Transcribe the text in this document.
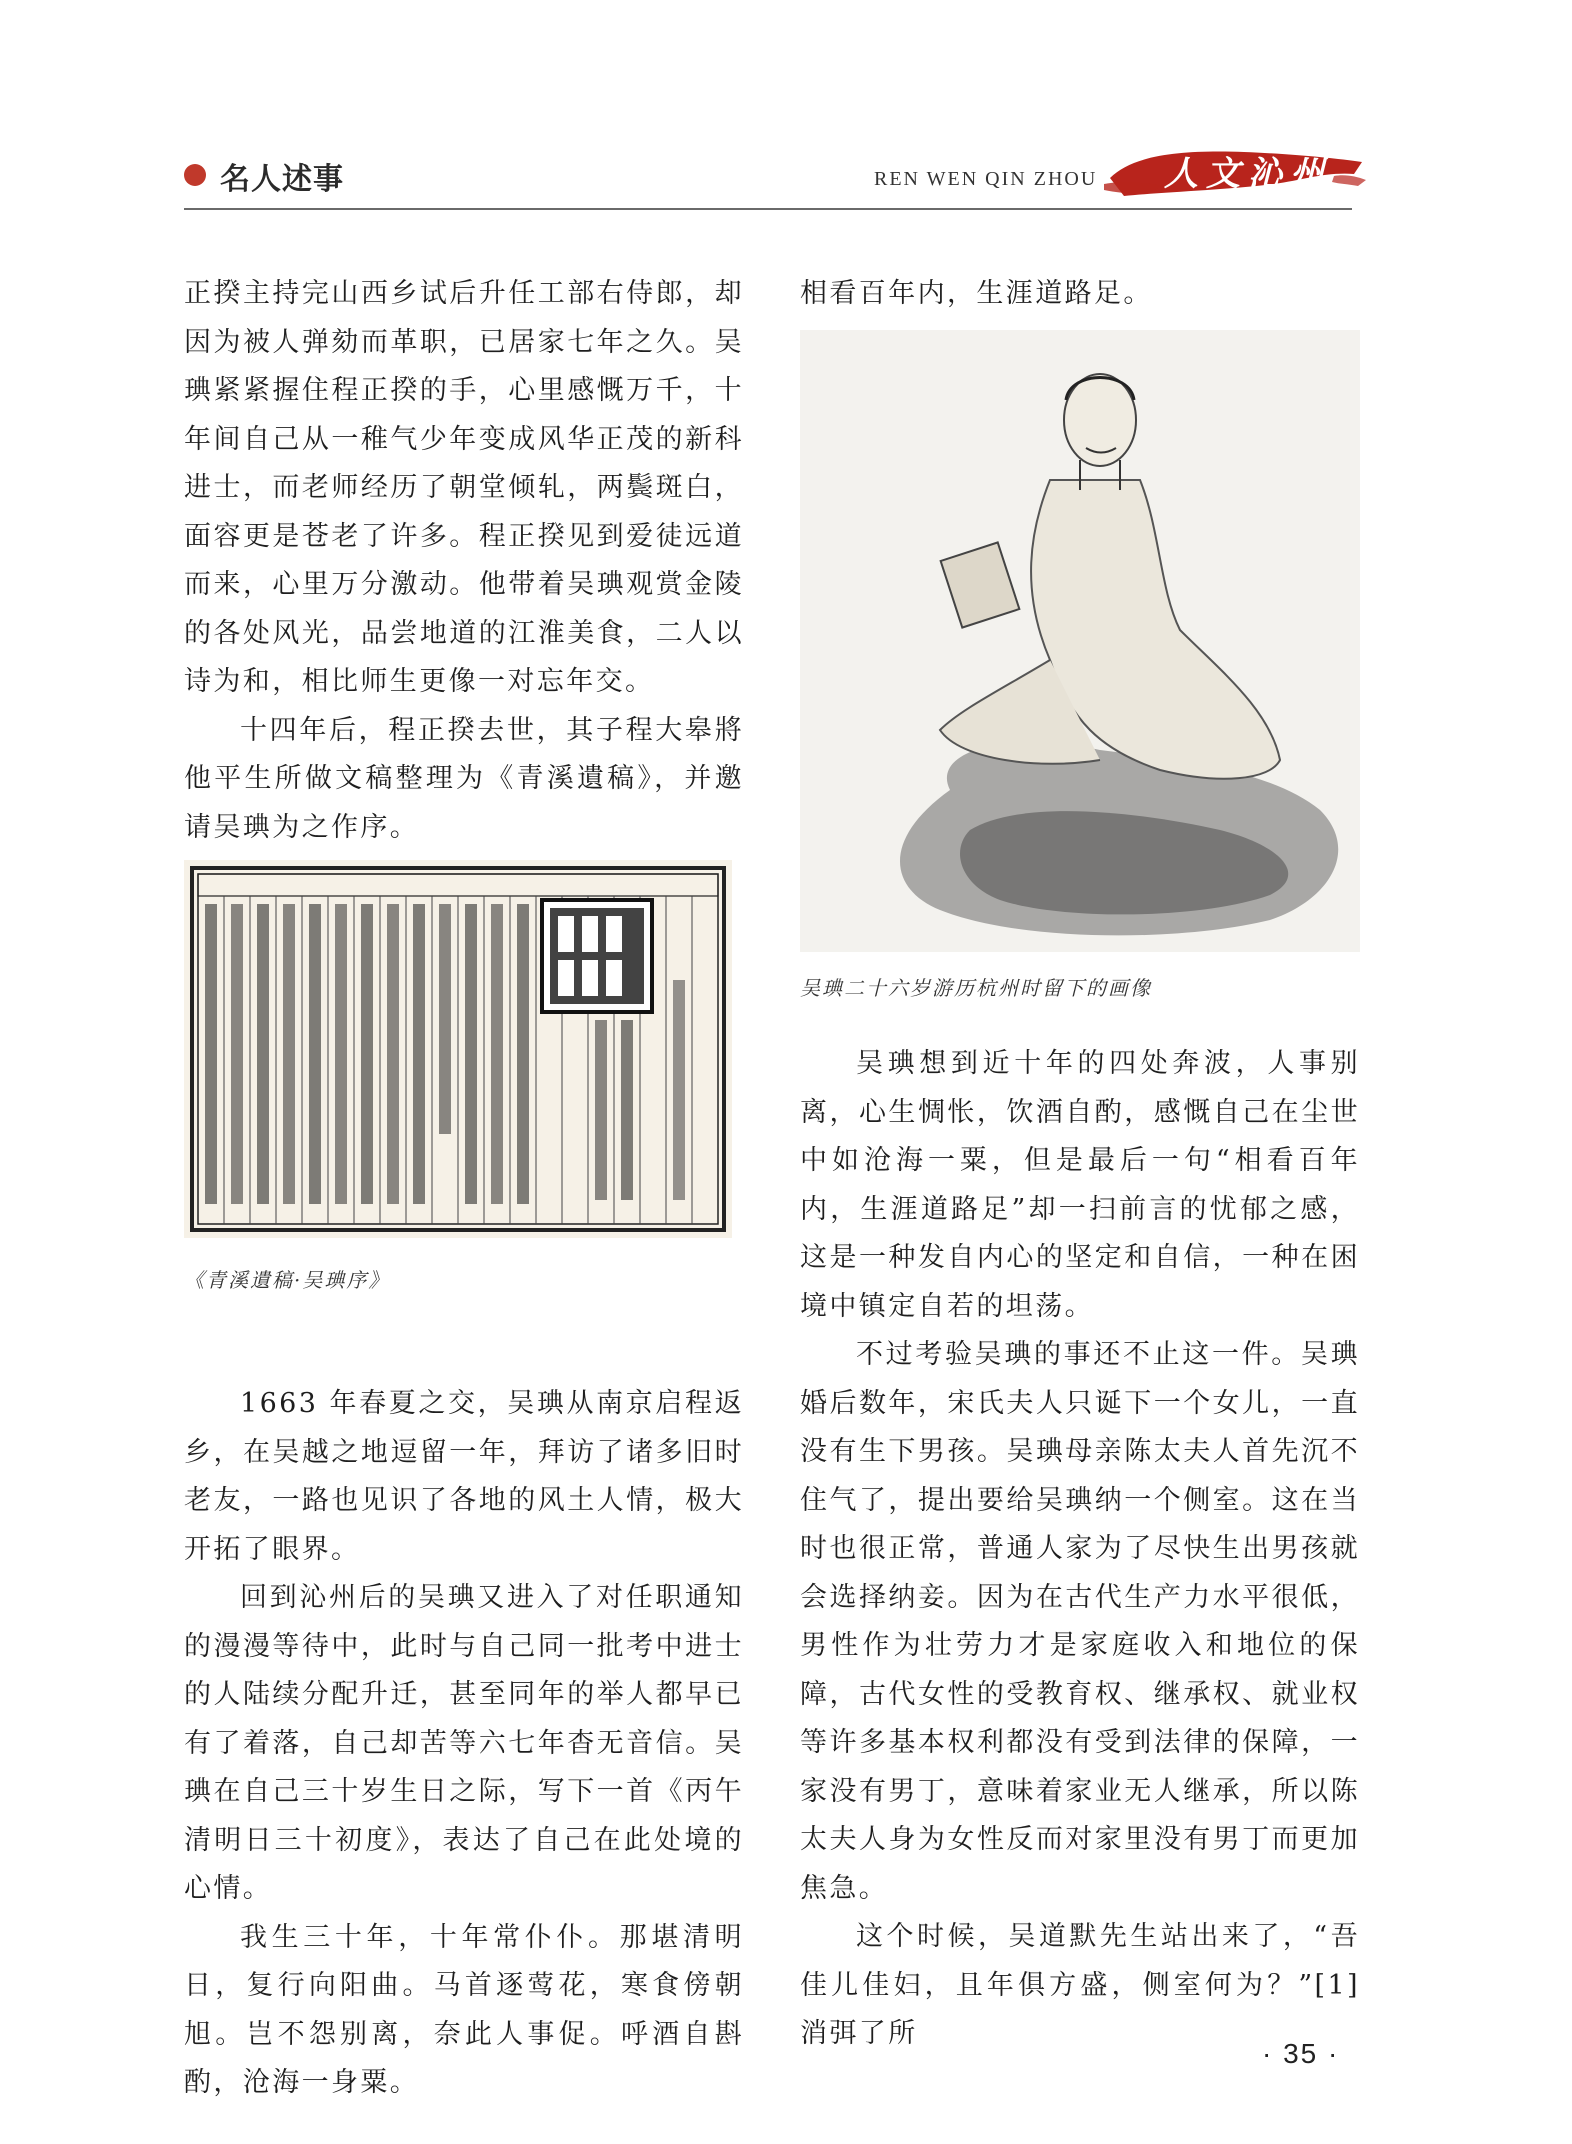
名人述事	REN WEN QIN ZHOU 人文沁州

正揆主持完山西乡试后升任工部右侍郎，却因为被人弹劾而革职，已居家七年之久。吴琠紧紧握住程正揆的手，心里感慨万千，十年间自己从一稚气少年变成风华正茂的新科进士，而老师经历了朝堂倾轧，两鬓斑白，面容更是苍老了许多。程正揆见到爱徒远道而来，心里万分激动。他带着吴琠观赏金陵的各处风光，品尝地道的江淮美食，二人以诗为和，相比师生更像一对忘年交。

十四年后，程正揆去世，其子程大皋將他平生所做文稿整理为《青溪遺稿》，并邀请吴琠为之作序。

《青溪遺稿·吴琠序》

1663 年春夏之交，吴琠从南京启程返乡，在吴越之地逗留一年，拜访了诸多旧时老友，一路也见识了各地的风土人情，极大开拓了眼界。

回到沁州后的吴琠又进入了对任职通知的漫漫等待中，此时与自己同一批考中进士的人陆续分配升迁，甚至同年的举人都早已有了着落，自己却苦等六七年杳无音信。吴琠在自己三十岁生日之际，写下一首《丙午清明日三十初度》，表达了自己在此处境的心情。

我生三十年，十年常仆仆。那堪清明日，复行向阳曲。马首逐莺花，寒食傍朝旭。岂不怨别离，奈此人事促。呼酒自斟酌，沧海一身粟。

相看百年内，生涯道路足。

吴琠二十六岁游历杭州时留下的画像

吴琠想到近十年的四处奔波，人事别离，心生惆怅，饮酒自酌，感慨自己在尘世中如沧海一粟，但是最后一句“相看百年内，生涯道路足”却一扫前言的忧郁之感，这是一种发自内心的坚定和自信，一种在困境中镇定自若的坦荡。

不过考验吴琠的事还不止这一件。吴琠婚后数年，宋氏夫人只诞下一个女儿，一直没有生下男孩。吴琠母亲陈太夫人首先沉不住气了，提出要给吴琠纳一个侧室。这在当时也很正常，普通人家为了尽快生出男孩就会选择纳妾。因为在古代生产力水平很低，男性作为壮劳力才是家庭收入和地位的保障，古代女性的受教育权、继承权、就业权等许多基本权利都没有受到法律的保障，一家没有男丁，意味着家业无人继承，所以陈太夫人身为女性反而对家里没有男丁而更加焦急。

这个时候，吴道默先生站出来了，“吾佳儿佳妇，且年俱方盛，侧室何为？”[1] 消弭了所

· 35 ·
